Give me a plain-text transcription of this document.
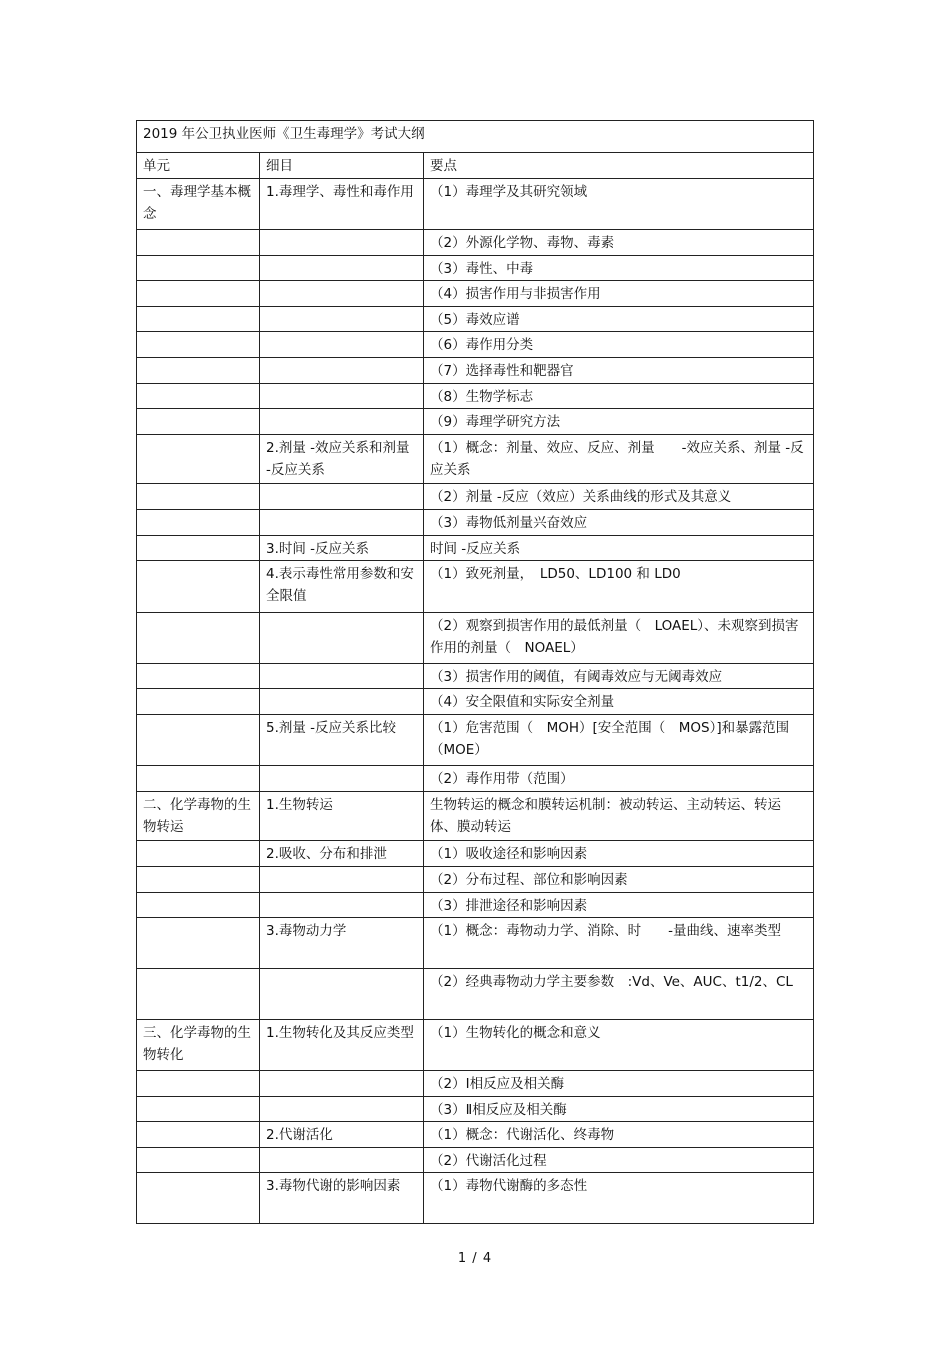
2019 年公卫执业医师《卫生毒理学》考试大纲		
单元	细目	要点
一、毒理学基本概念	1.毒理学、毒性和毒作用	（1）毒理学及其研究领域
		（2）外源化学物、毒物、毒素
		（3）毒性、中毒
		（4）损害作用与非损害作用
		（5）毒效应谱
		（6）毒作用分类
		（7）选择毒性和靶器官
		（8）生物学标志
		（9）毒理学研究方法
	2.剂量 -效应关系和剂量 -反应关系	（1）概念：剂量、效应、反应、剂量　　-效应关系、剂量 -反应关系
		（2）剂量 -反应（效应）关系曲线的形式及其意义
		（3）毒物低剂量兴奋效应
	3.时间 -反应关系	时间 -反应关系
	4.表示毒性常用参数和安全限值	（1）致死剂量，　LD50、LD100 和 LD0
		（2）观察到损害作用的最低剂量（　LOAEL）、未观察到损害作用的剂量（　NOAEL）
		（3）损害作用的阈值，有阈毒效应与无阈毒效应
		（4）安全限值和实际安全剂量
	5.剂量 -反应关系比较	（1）危害范围（　MOH）[安全范围（　MOS）]和暴露范围（MOE）
		（2）毒作用带（范围）
二、化学毒物的生物转运	1.生物转运	生物转运的概念和膜转运机制：被动转运、主动转运、转运体、膜动转运
	2.吸收、分布和排泄	（1）吸收途径和影响因素
		（2）分布过程、部位和影响因素
		（3）排泄途径和影响因素
	3.毒物动力学	（1）概念：毒物动力学、消除、时　　-量曲线、速率类型
		（2）经典毒物动力学主要参数　:Vd、Ve、AUC、t1/2、CL
三、化学毒物的生物转化	1.生物转化及其反应类型	（1）生物转化的概念和意义
		（2）Ⅰ相反应及相关酶
		（3）Ⅱ相反应及相关酶
	2.代谢活化	（1）概念：代谢活化、终毒物
		（2）代谢活化过程
	3.毒物代谢的影响因素	（1）毒物代谢酶的多态性
1 / 4
